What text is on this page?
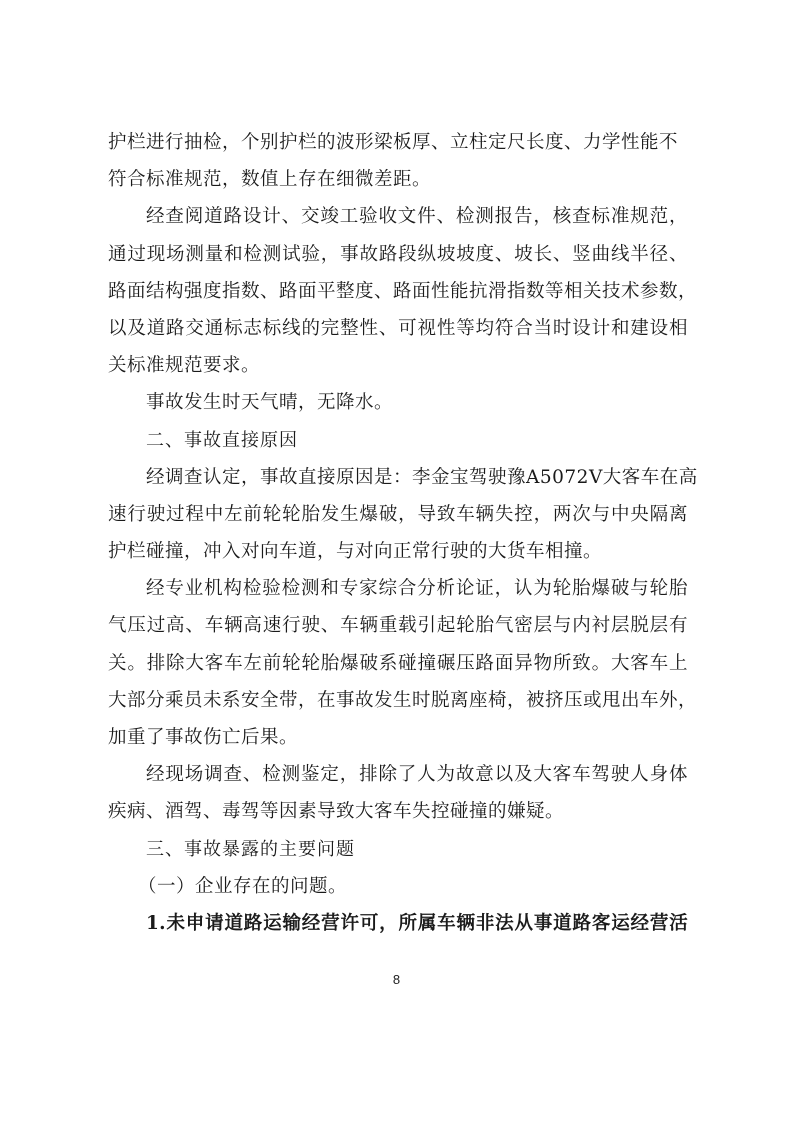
护栏进行抽检，个别护栏的波形梁板厚、立柱定尺长度、力学性能不
符合标准规范，数值上存在细微差距。
经查阅道路设计、交竣工验收文件、检测报告，核查标准规范，
通过现场测量和检测试验，事故路段纵坡坡度、坡长、竖曲线半径、
路面结构强度指数、路面平整度、路面性能抗滑指数等相关技术参数，
以及道路交通标志标线的完整性、可视性等均符合当时设计和建设相
关标准规范要求。
事故发生时天气晴，无降水。
二、事故直接原因
经调查认定，事故直接原因是：李金宝驾驶豫A5072V大客车在高
速行驶过程中左前轮轮胎发生爆破，导致车辆失控，两次与中央隔离
护栏碰撞，冲入对向车道，与对向正常行驶的大货车相撞。
经专业机构检验检测和专家综合分析论证，认为轮胎爆破与轮胎
气压过高、车辆高速行驶、车辆重载引起轮胎气密层与内衬层脱层有
关。排除大客车左前轮轮胎爆破系碰撞碾压路面异物所致。大客车上
大部分乘员未系安全带，在事故发生时脱离座椅，被挤压或甩出车外，
加重了事故伤亡后果。
经现场调查、检测鉴定，排除了人为故意以及大客车驾驶人身体
疾病、酒驾、毒驾等因素导致大客车失控碰撞的嫌疑。
三、事故暴露的主要问题
（一）企业存在的问题。
1.未申请道路运输经营许可，所属车辆非法从事道路客运经营活
8
